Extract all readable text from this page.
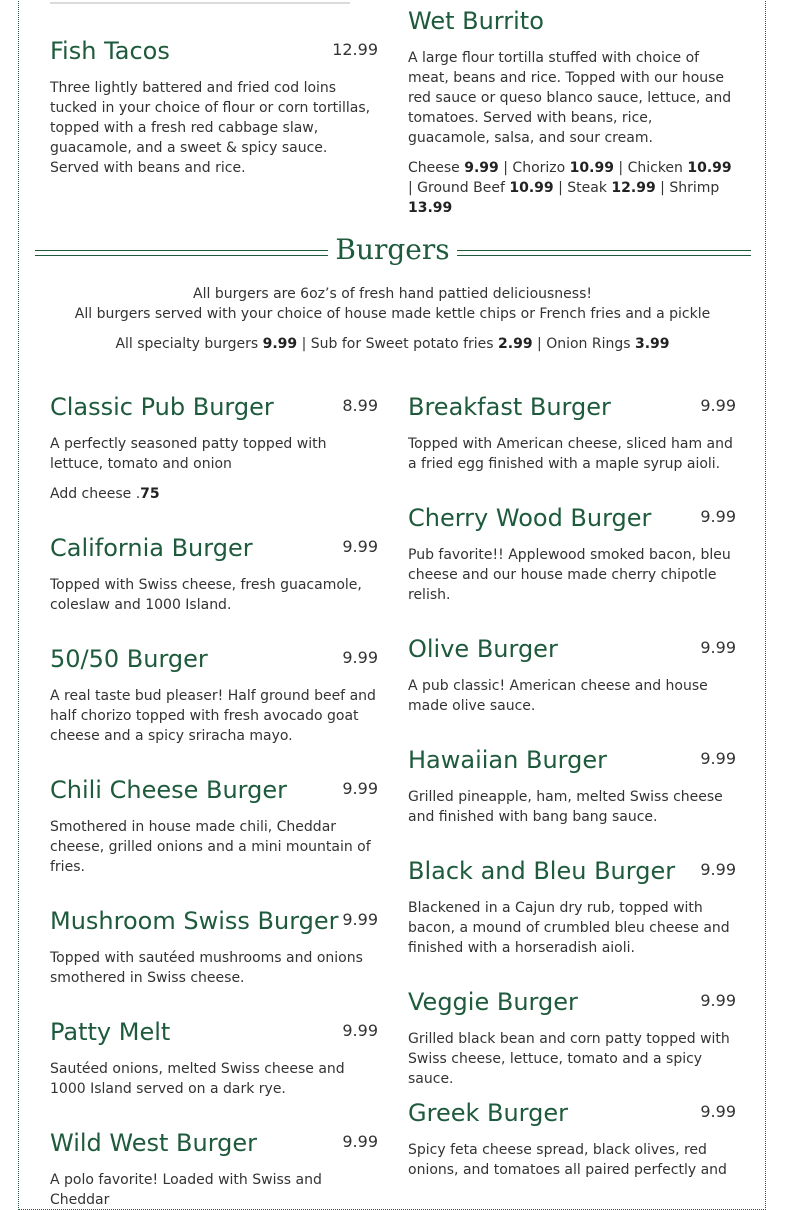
Fish Tacos	12.99
Three lightly battered and fried cod loins tucked in your choice of flour or corn tortillas, topped with a fresh red cabbage slaw, guacamole, and a sweet & spicy sauce. Served with beans and rice.
Wet Burrito
A large flour tortilla stuffed with choice of meat, beans and rice. Topped with our house red sauce or queso blanco sauce, lettuce, and tomatoes. Served with beans, rice, guacamole, salsa, and sour cream.
Cheese 9.99 | Chorizo 10.99 | Chicken 10.99 | Ground Beef 10.99 | Steak 12.99 | Shrimp 13.99
Burgers
All burgers are 6oz’s of fresh hand pattied deliciousness!
All burgers served with your choice of house made kettle chips or French fries and a pickle
All specialty burgers 9.99 | Sub for Sweet potato fries 2.99 | Onion Rings 3.99
Classic Pub Burger	8.99
A perfectly seasoned patty topped with lettuce, tomato and onion
Add cheese .75
California Burger	9.99
Topped with Swiss cheese, fresh guacamole, coleslaw and 1000 Island.
50/50 Burger	9.99
A real taste bud pleaser! Half ground beef and half chorizo topped with fresh avocado goat cheese and a spicy sriracha mayo.
Chili Cheese Burger	9.99
Smothered in house made chili, Cheddar cheese, grilled onions and a mini mountain of fries.
Mushroom Swiss Burger 9.99
Topped with sautéed mushrooms and onions smothered in Swiss cheese.
Patty Melt	9.99
Sautéed onions, melted Swiss cheese and 1000 Island served on a dark rye.
Wild West Burger	9.99
A polo favorite! Loaded with Swiss and Cheddar
Breakfast Burger	9.99
Topped with American cheese, sliced ham and a fried egg finished with a maple syrup aioli.
Cherry Wood Burger	9.99
Pub favorite!! Applewood smoked bacon, bleu cheese and our house made cherry chipotle relish.
Olive Burger	9.99
A pub classic! American cheese and house made olive sauce.
Hawaiian Burger	9.99
Grilled pineapple, ham, melted Swiss cheese and finished with bang bang sauce.
Black and Bleu Burger 9.99
Blackened in a Cajun dry rub, topped with bacon, a mound of crumbled bleu cheese and finished with a horseradish aioli.
Veggie Burger	9.99
Grilled black bean and corn patty topped with Swiss cheese, lettuce, tomato and a spicy sauce.
Greek Burger	9.99
Spicy feta cheese spread, black olives, red onions, and tomatoes all paired perfectly and
